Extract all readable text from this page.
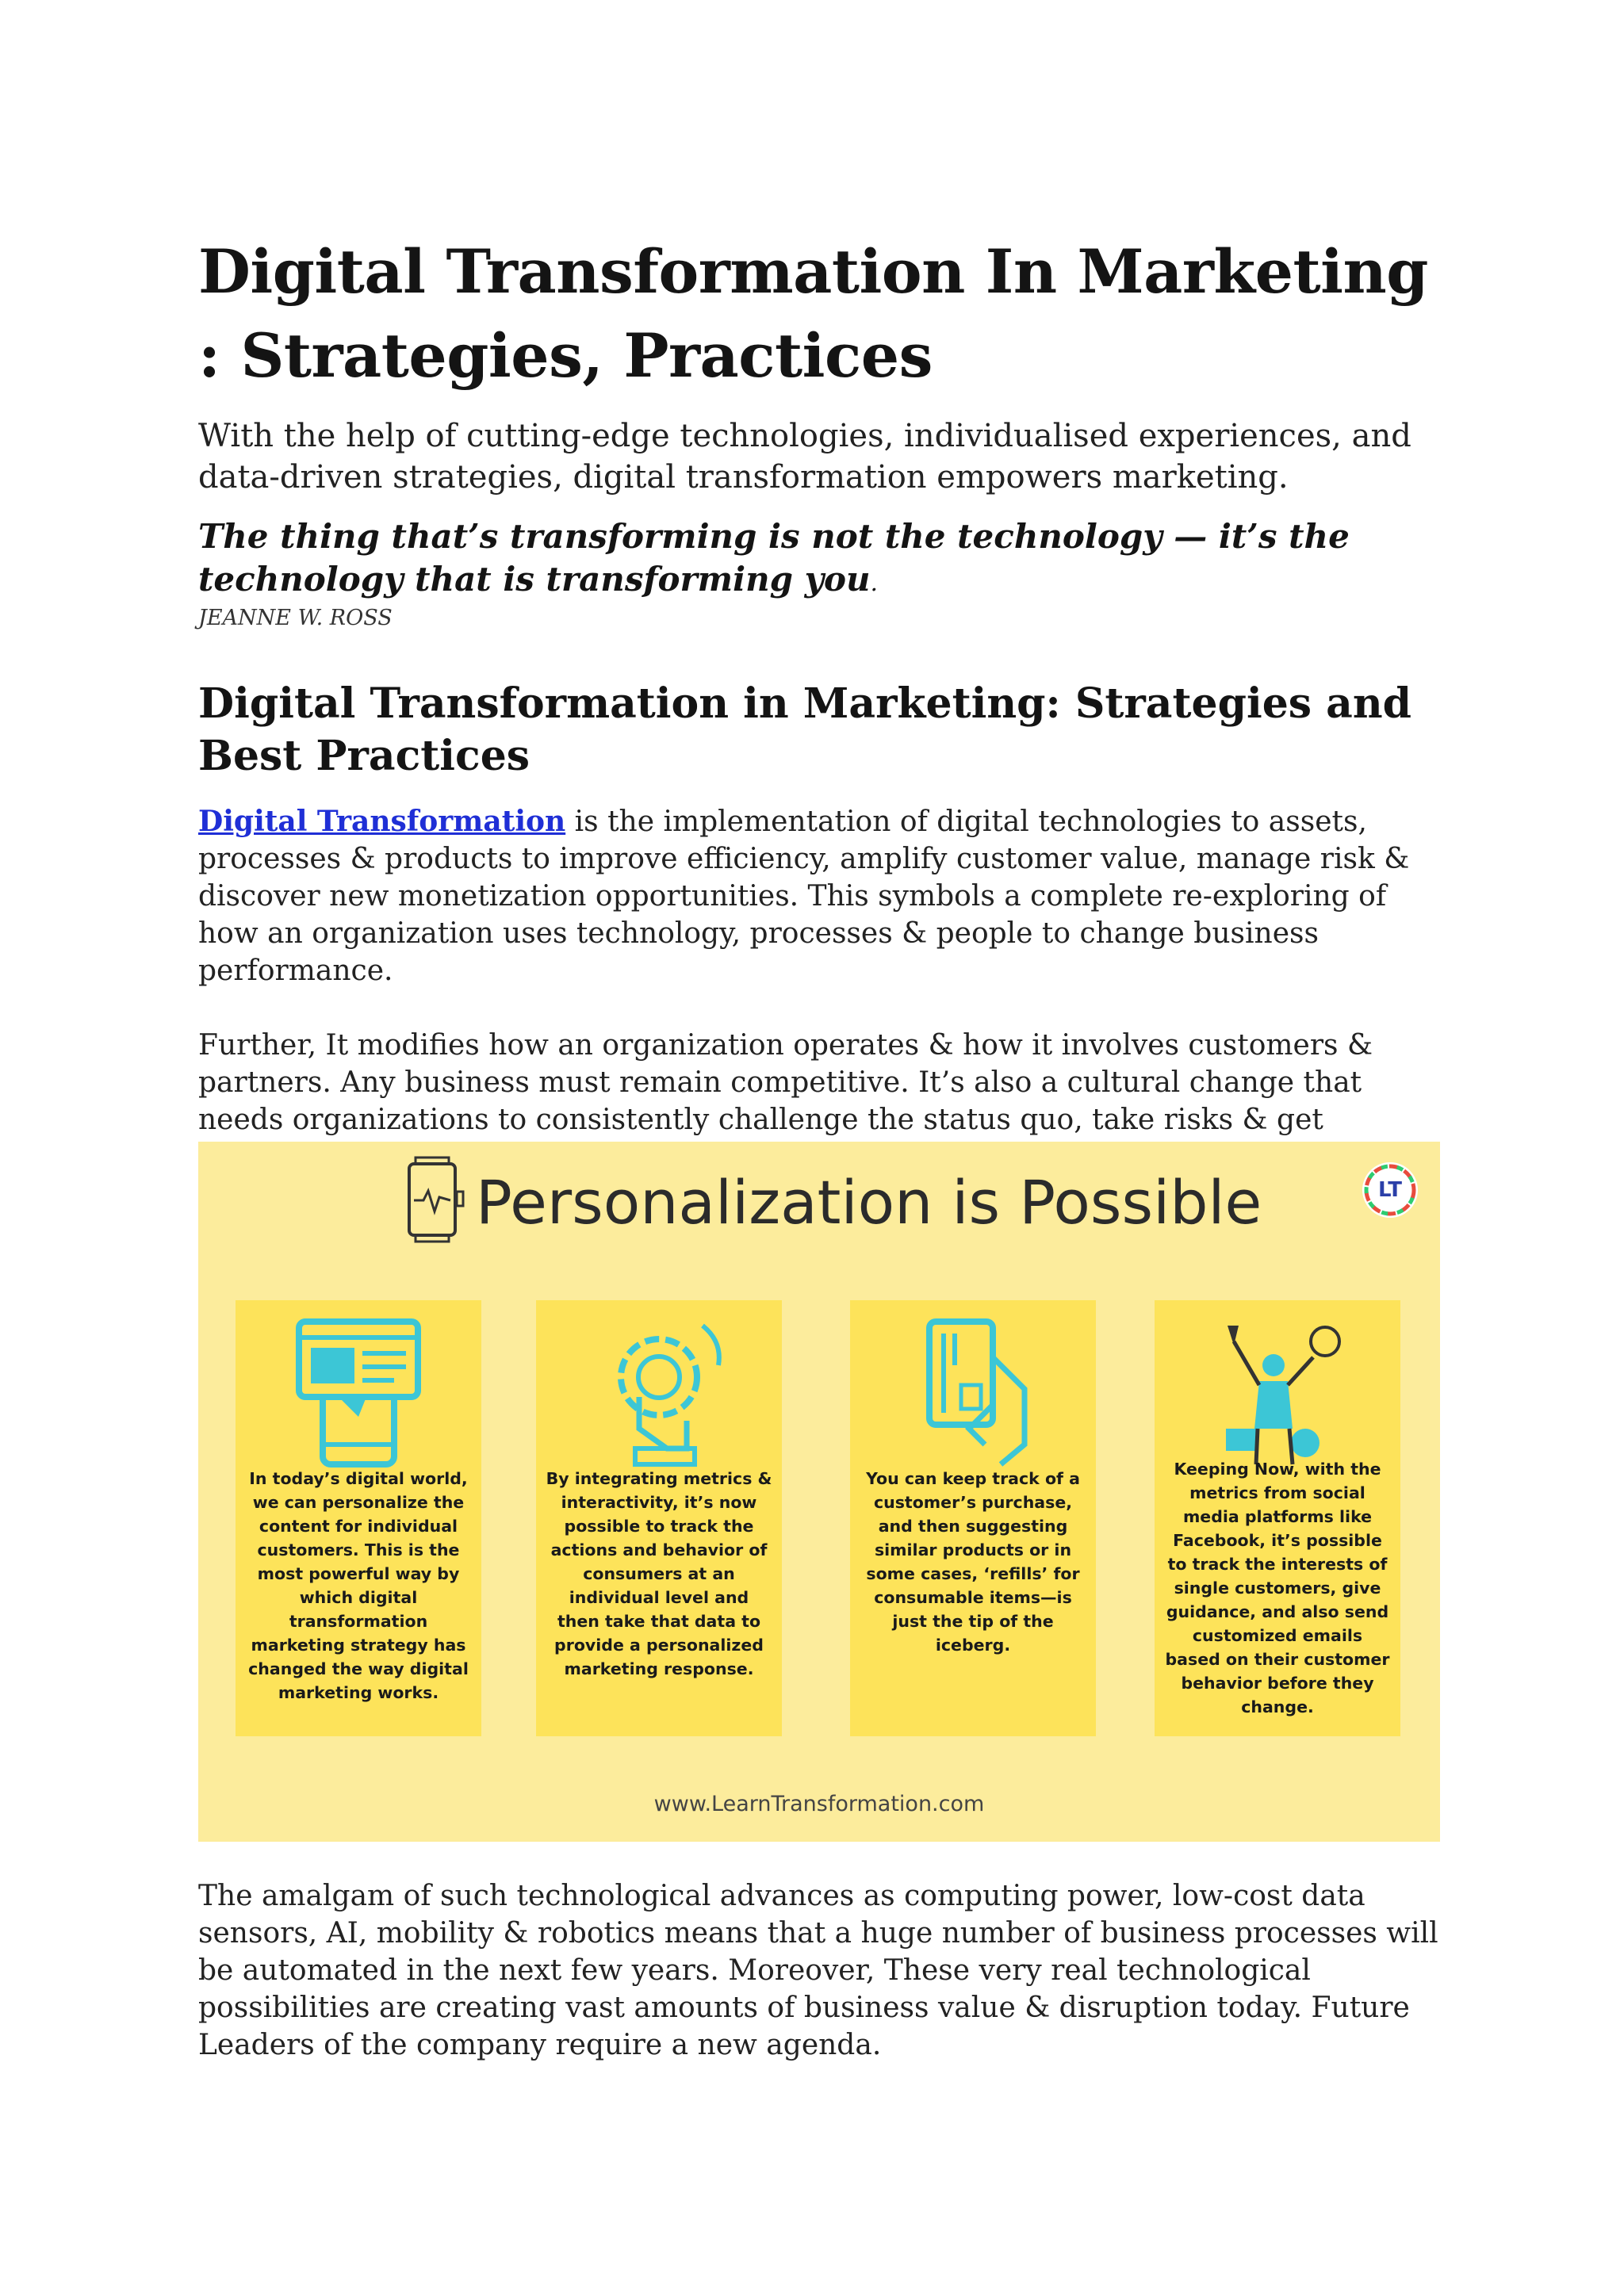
Digital Transformation In Marketing : Strategies, Practices

With the help of cutting-edge technologies, individualised experiences, and data-driven strategies, digital transformation empowers marketing.

The thing that’s transforming is not the technology — it’s the technology that is transforming you.

JEANNE W. ROSS

Digital Transformation in Marketing: Strategies and Best Practices

Digital Transformation is the implementation of digital technologies to assets, processes & products to improve efficiency, amplify customer value, manage risk & discover new monetization opportunities. This symbols a complete re-exploring of how an organization uses technology, processes & people to change business performance.

Further, It modifies how an organization operates & how it involves customers & partners. Any business must remain competitive. It’s also a cultural change that needs organizations to consistently challenge the status quo, take risks & get

Personalization is Possible	LT
In today’s digital world, we can personalize the content for individual customers. This is the most powerful way by which digital transformation marketing strategy has changed the way digital marketing works.
By integrating metrics & interactivity, it’s now possible to track the actions and behavior of consumers at an individual level and then take that data to provide a personalized marketing response.
You can keep track of a customer’s purchase, and then suggesting similar products or in some cases, ‘refills’ for consumable items—is just the tip of the iceberg.
Keeping Now, with the metrics from social media platforms like Facebook, it’s possible to track the interests of single customers, give guidance, and also send customized emails based on their customer behavior before they change.
www.LearnTransformation.com

The amalgam of such technological advances as computing power, low-cost data sensors, AI, mobility & robotics means that a huge number of business processes will be automated in the next few years. Moreover, These very real technological possibilities are creating vast amounts of business value & disruption today. Future Leaders of the company require a new agenda.
